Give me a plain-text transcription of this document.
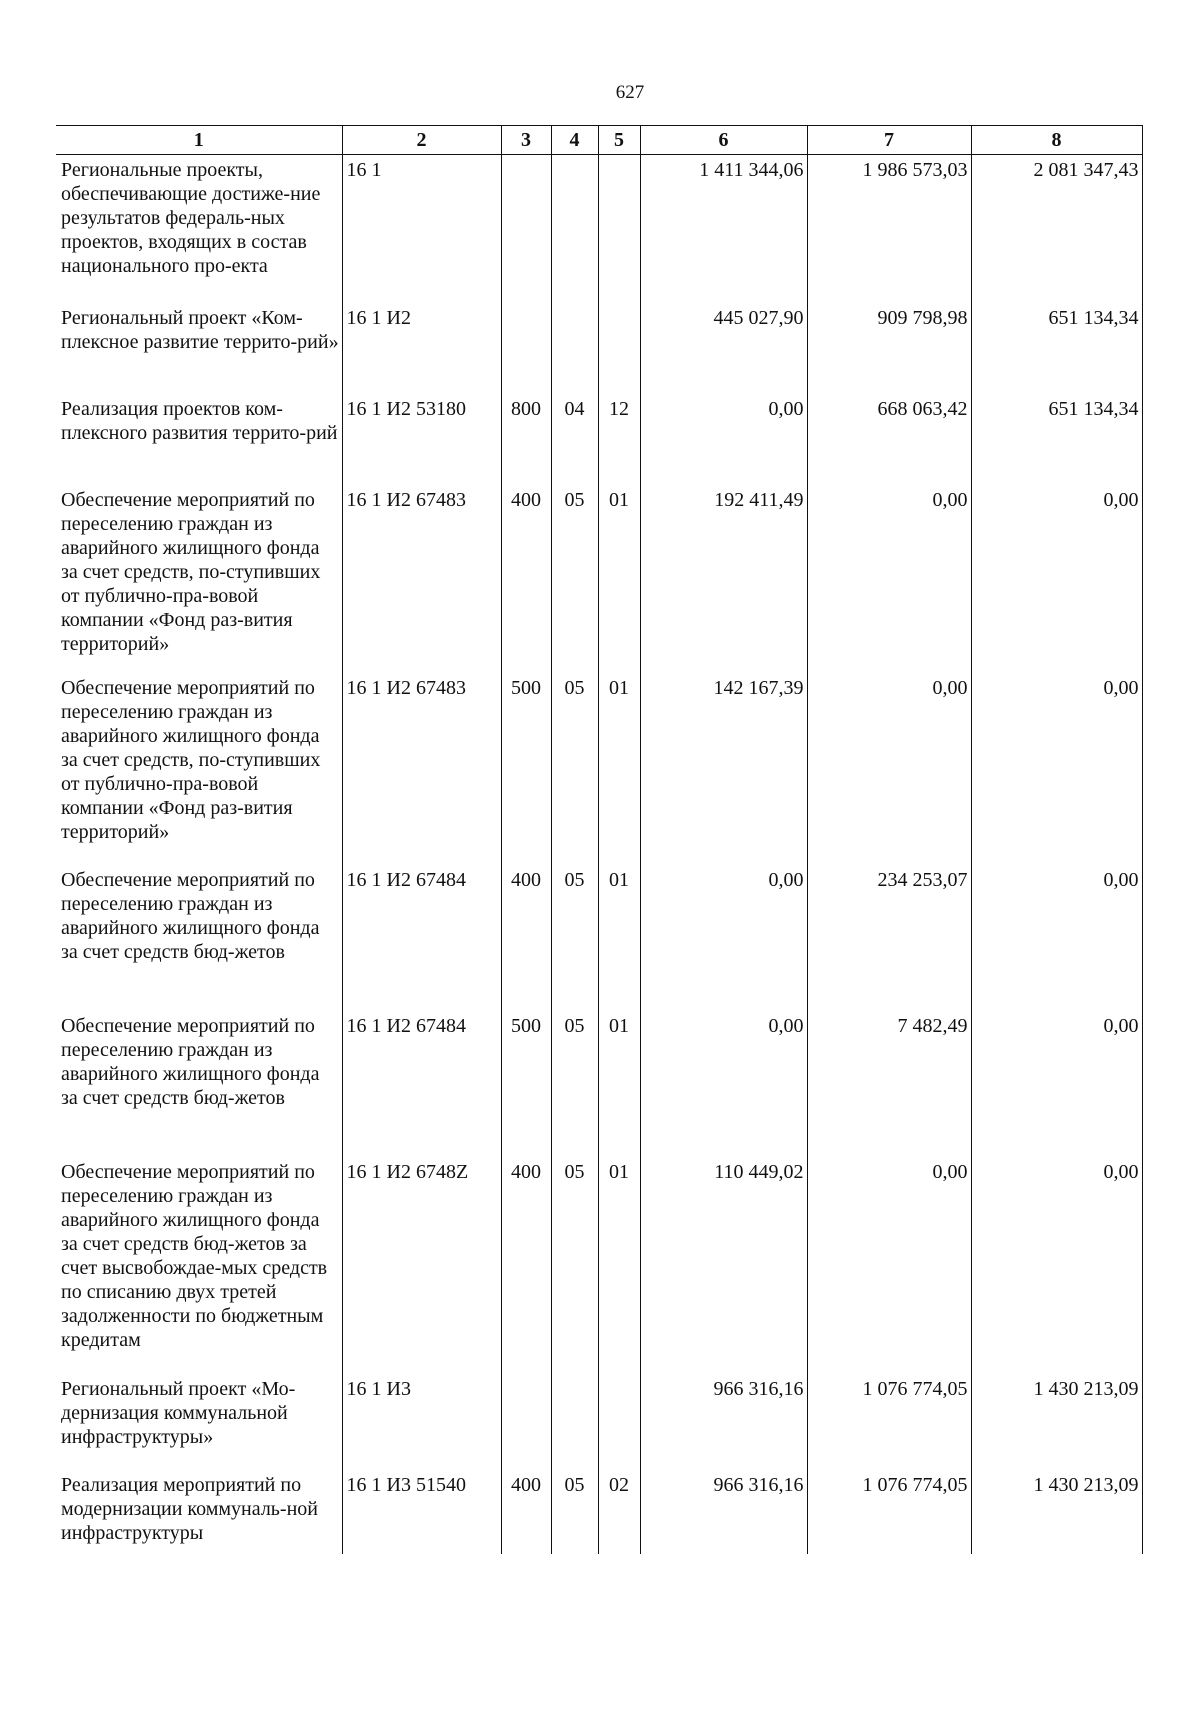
627
1	2	3	4	5	6	7	8
Региональные проекты, обеспечивающие достиже-ние результатов федераль-ных проектов, входящих в состав национального про-екта	16 1				1 411 344,06	1 986 573,03	2 081 347,43
Региональный проект «Ком-плексное развитие террито-рий»	16 1 И2				445 027,90	909 798,98	651 134,34
Реализация проектов ком-плексного развития террито-рий	16 1 И2 53180	800	04	12	0,00	668 063,42	651 134,34
Обеспечение мероприятий по переселению граждан из аварийного жилищного фонда за счет средств, по-ступивших от публично-пра-вовой компании «Фонд раз-вития территорий»	16 1 И2 67483	400	05	01	192 411,49	0,00	0,00
Обеспечение мероприятий по переселению граждан из аварийного жилищного фонда за счет средств, по-ступивших от публично-пра-вовой компании «Фонд раз-вития территорий»	16 1 И2 67483	500	05	01	142 167,39	0,00	0,00
Обеспечение мероприятий по переселению граждан из аварийного жилищного фонда за счет средств бюд-жетов	16 1 И2 67484	400	05	01	0,00	234 253,07	0,00
Обеспечение мероприятий по переселению граждан из аварийного жилищного фонда за счет средств бюд-жетов	16 1 И2 67484	500	05	01	0,00	7 482,49	0,00
Обеспечение мероприятий по переселению граждан из аварийного жилищного фонда за счет средств бюд-жетов за счет высвобождае-мых средств по списанию двух третей задолженности по бюджетным кредитам	16 1 И2 6748Z	400	05	01	110 449,02	0,00	0,00
Региональный проект «Мо-дернизация коммунальной инфраструктуры»	16 1 И3				966 316,16	1 076 774,05	1 430 213,09
Реализация мероприятий по модернизации коммуналь-ной инфраструктуры	16 1 И3 51540	400	05	02	966 316,16	1 076 774,05	1 430 213,09
